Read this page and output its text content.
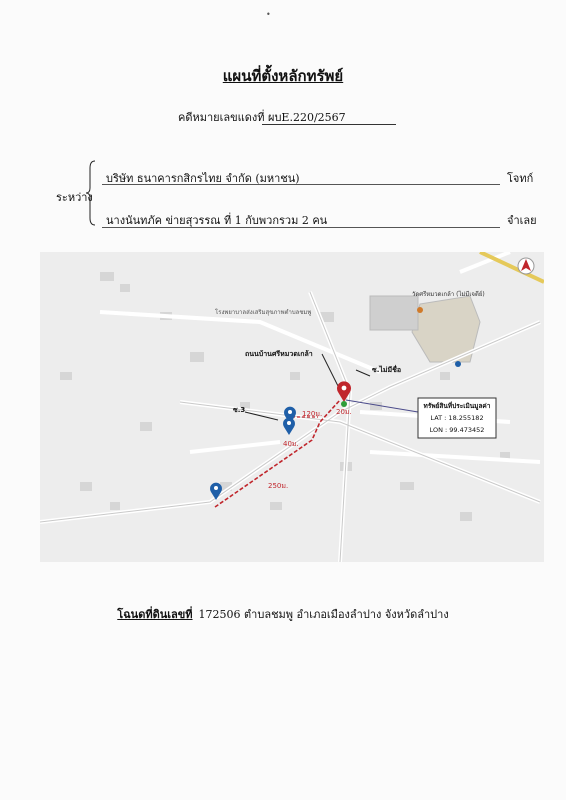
•
แผนที่ตั้งหลักทรัพย์
คดีหมายเลขแดงที่ ผบE.220/2567
ระหว่าง
บริษัท ธนาคารกสิกรไทย จำกัด (มหาชน)	โจทก์
นางนันทภัค ข่ายสุวรรณ ที่ 1 กับพวกรวม 2 คน	จำเลย
โรงพยาบาลส่งเสริมสุขภาพตำบลชมพู
วัดศรีหมวดเกล้า (ไม่มีเจดีย์)
ถนนบ้านศรีหมวดเกล้า
ซ.ไม่มีชื่อ
ซ.3	120ม. 20ม.
40ม.
250ม.
ทรัพย์สินที่ประเมินมูลค่า
LAT : 18.255182
LON : 99.473452
โฉนดที่ดินเลขที่ 172506 ตำบลชมพู อำเภอเมืองลำปาง จังหวัดลำปาง
